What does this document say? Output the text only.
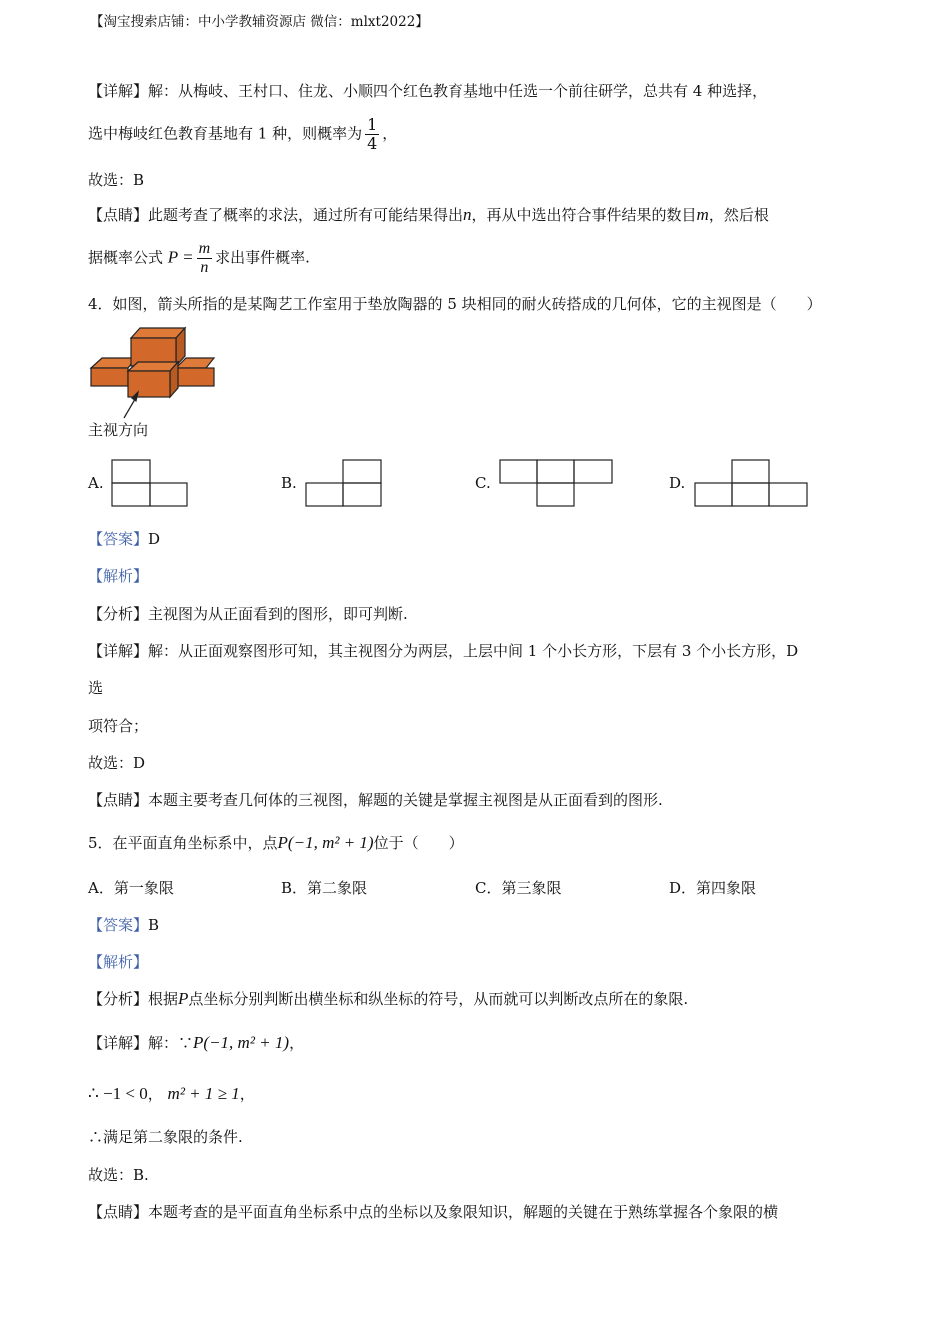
【淘宝搜索店铺：中小学教辅资源店 微信：mlxt2022】
【详解】解：从梅岐、王村口、住龙、小顺四个红色教育基地中任选一个前往研学，总共有 4 种选择，
选中梅岐红色教育基地有 1 种，则概率为 $\frac{1}{4}$ ，
故选：B
【点睛】此题考查了概率的求法，通过所有可能结果得出n，再从中选出符合事件结果的数目m，然后根
据概率公式 $P = \frac{m}{n}$ 求出事件概率.
4．如图，箭头所指的是某陶艺工作室用于垫放陶器的 5 块相同的耐火砖搭成的几何体，它的主视图是（　　）
主视方向
A.	B.	C.	D.
【答案】D
【解析】
【分析】主视图为从正面看到的图形，即可判断.
【详解】解：从正面观察图形可知，其主视图分为两层，上层中间 1 个小长方形，下层有 3 个小长方形，D
选
项符合；
故选：D
【点睛】本题主要考查几何体的三视图，解题的关键是掌握主视图是从正面看到的图形.
5．在平面直角坐标系中，点P(−1, m² + 1)位于（　　）
A．第一象限	B．第二象限	C．第三象限	D．第四象限
【答案】B
【解析】
【分析】根据P点坐标分别判断出横坐标和纵坐标的符号，从而就可以判断改点所在的象限.
【详解】解：∵P(−1, m² + 1)，
∴ −1 < 0， m² + 1 ≥ 1，
∴满足第二象限的条件.
故选：B.
【点睛】本题考查的是平面直角坐标系中点的坐标以及象限知识，解题的关键在于熟练掌握各个象限的横
